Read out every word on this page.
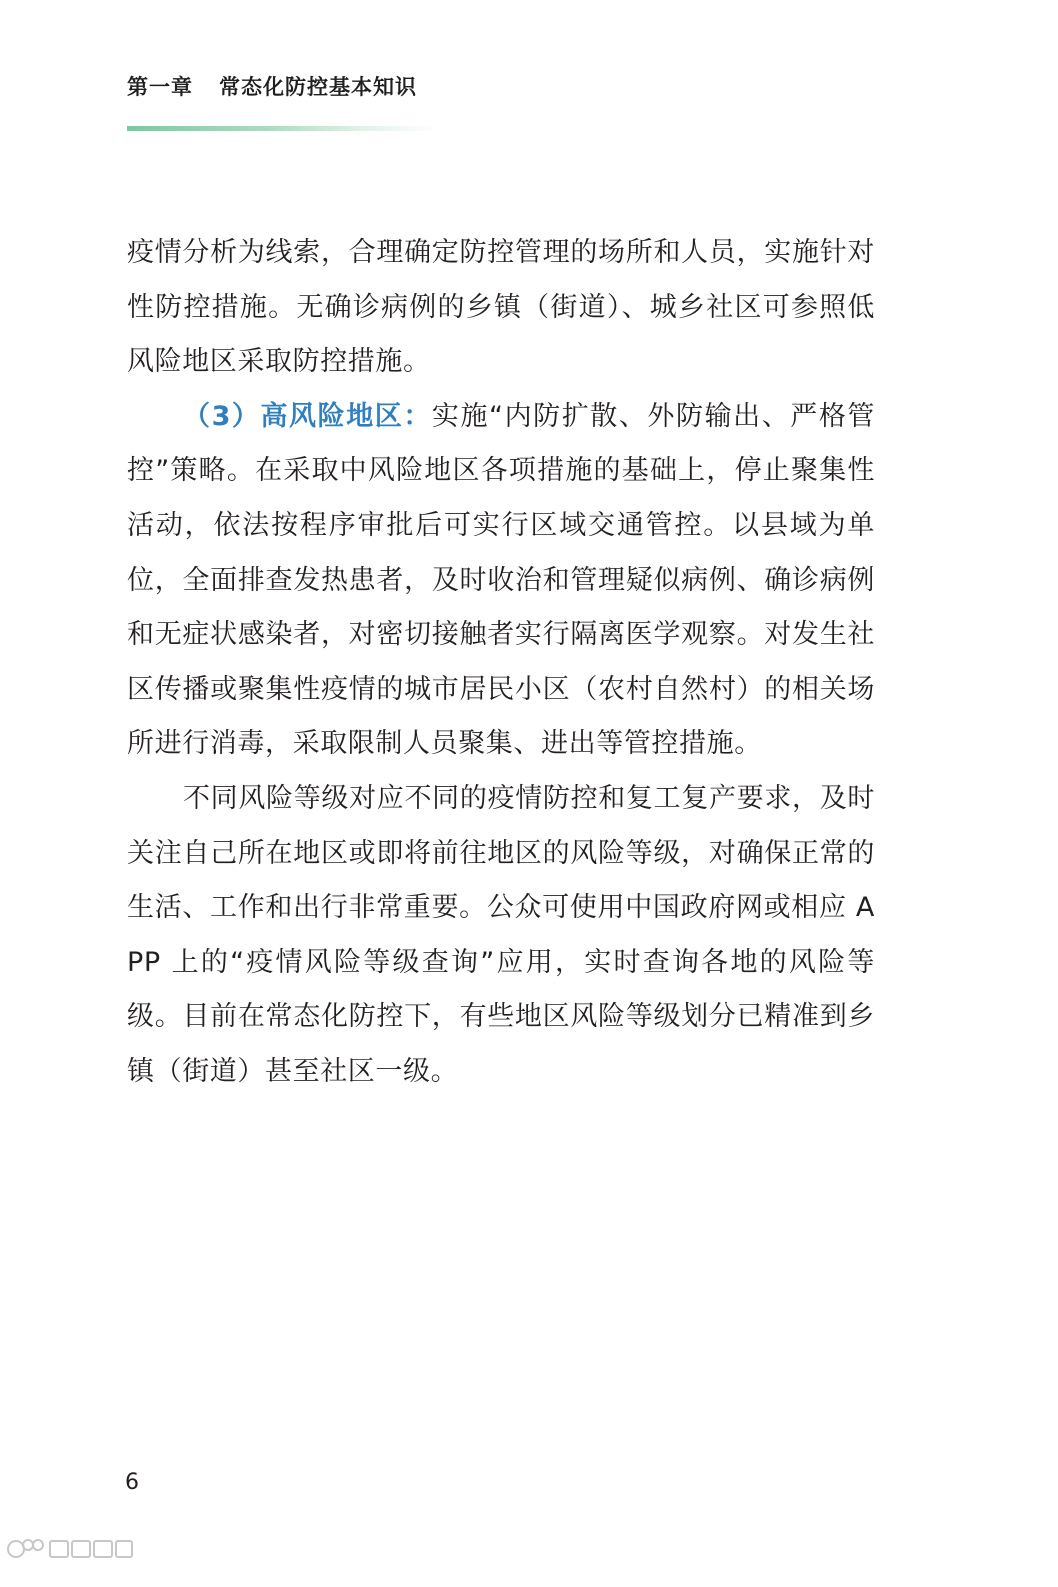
第一章 常态化防控基本知识

疫情分析为线索，合理确定防控管理的场所和人员，实施针对性防控措施。无确诊病例的乡镇（街道）、城乡社区可参照低风险地区采取防控措施。

（3）高风险地区：实施“内防扩散、外防输出、严格管控”策略。在采取中风险地区各项措施的基础上，停止聚集性活动，依法按程序审批后可实行区域交通管控。以县域为单位，全面排查发热患者，及时收治和管理疑似病例、确诊病例和无症状感染者，对密切接触者实行隔离医学观察。对发生社区传播或聚集性疫情的城市居民小区（农村自然村）的相关场所进行消毒，采取限制人员聚集、进出等管控措施。

不同风险等级对应不同的疫情防控和复工复产要求，及时关注自己所在地区或即将前往地区的风险等级，对确保正常的生活、工作和出行非常重要。公众可使用中国政府网或相应 APP 上的“疫情风险等级查询”应用，实时查询各地的风险等级。目前在常态化防控下，有些地区风险等级划分已精准到乡镇（街道）甚至社区一级。

6
